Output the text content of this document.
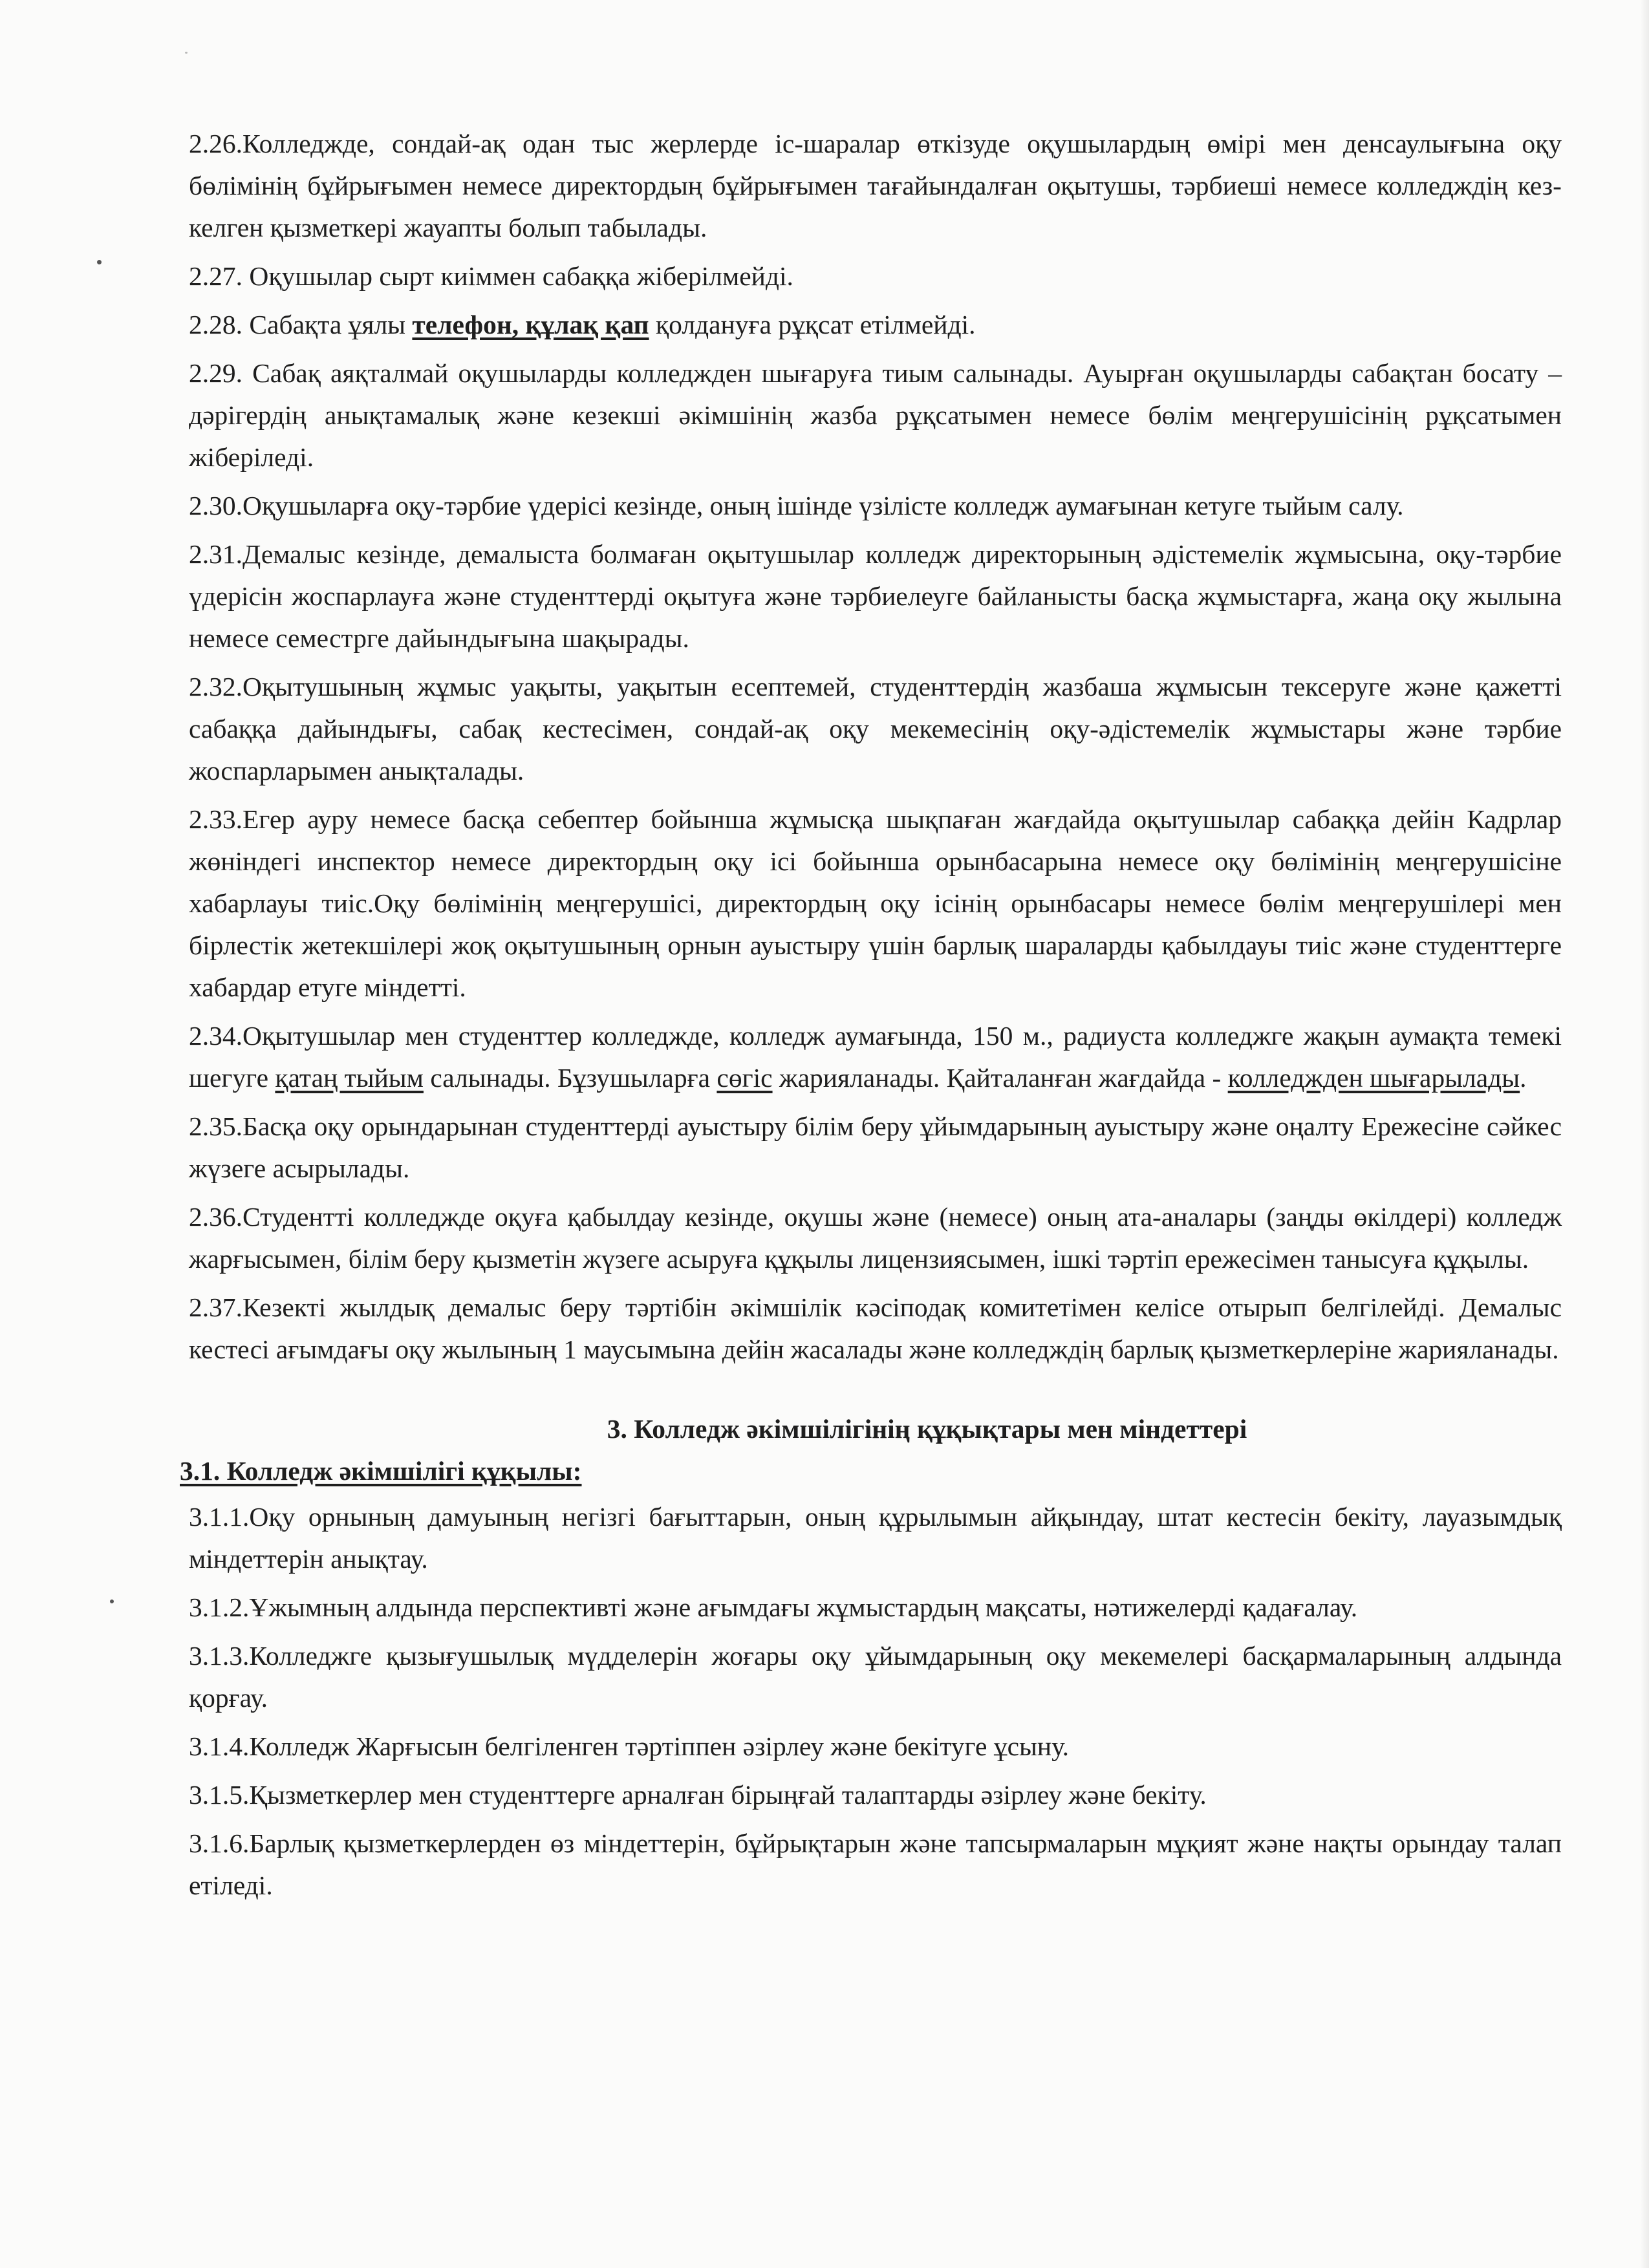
2.26.Колледжде, сондай-ақ одан тыс жерлерде іс-шаралар өткізуде оқушылардың өмірі мен денсаулығына оқу бөлімінің бұйрығымен немесе директордың бұйрығымен тағайындалған оқытушы, тәрбиеші немесе колледждің кез-келген қызметкері жауапты болып табылады.

2.27. Оқушылар сырт киіммен сабаққа жіберілмейді.

2.28. Сабақта ұялы телефон, құлақ қап қолдануға рұқсат етілмейді.

2.29. Сабақ аяқталмай оқушыларды колледжден шығаруға тиым салынады. Ауырған оқушыларды сабақтан босату – дәрігердің анықтамалық және кезекші әкімшінің жазба рұқсатымен немесе бөлім меңгерушісінің рұқсатымен жіберіледі.

2.30.Оқушыларға оқу-тәрбие үдерісі кезінде, оның ішінде үзілісте колледж аумағынан кетуге тыйым салу.

2.31.Демалыс кезінде, демалыста болмаған оқытушылар колледж директорының әдістемелік жұмысына, оқу-тәрбие үдерісін жоспарлауға және студенттерді оқытуға және тәрбиелеуге байланысты басқа жұмыстарға, жаңа оқу жылына немесе семестрге дайындығына шақырады.

2.32.Оқытушының жұмыс уақыты, уақытын есептемей, студенттердің жазбаша жұмысын тексеруге және қажетті сабаққа дайындығы, сабақ кестесімен, сондай-ақ оқу мекемесінің оқу-әдістемелік жұмыстары және тәрбие жоспарларымен анықталады.

2.33.Егер ауру немесе басқа себептер бойынша жұмысқа шықпаған жағдайда оқытушылар сабаққа дейін Кадрлар жөніндегі инспектор немесе директордың оқу ісі бойынша орынбасарына немесе оқу бөлімінің меңгерушісіне хабарлауы тиіс.Оқу бөлімінің меңгерушісі, директордың оқу ісінің орынбасары немесе бөлім меңгерушілері мен бірлестік жетекшілері жоқ оқытушының орнын ауыстыру үшін барлық шараларды қабылдауы тиіс және студенттерге хабардар етуге міндетті.

2.34.Оқытушылар мен студенттер колледжде, колледж аумағында, 150 м., радиуста колледжге жақын аумақта темекі шегуге қатаң тыйым салынады. Бұзушыларға сөгіс жарияланады. Қайталанған жағдайда - колледжден шығарылады.

2.35.Басқа оқу орындарынан студенттерді ауыстыру білім беру ұйымдарының ауыстыру және оңалту Ережесіне сәйкес жүзеге асырылады.

2.36.Студентті колледжде оқуға қабылдау кезінде, оқушы және (немесе) оның ата-аналары (заңды өкілдері) колледж жарғысымен, білім беру қызметін жүзеге асыруға құқылы лицензиясымен, ішкі тәртіп ережесімен танысуға құқылы.

2.37.Кезекті жылдық демалыс беру тәртібін әкімшілік кәсіподақ комитетімен келісе отырып белгілейді. Демалыс кестесі ағымдағы оқу жылының 1 маусымына дейін жасалады және колледждің барлық қызметкерлеріне жарияланады.

3. Колледж әкімшілігінің құқықтары мен міндеттері

3.1. Колледж әкімшілігі құқылы:

3.1.1.Оқу орнының дамуының негізгі бағыттарын, оның құрылымын айқындау, штат кестесін бекіту, лауазымдық міндеттерін анықтау.

3.1.2.Ұжымның алдында перспективті және ағымдағы жұмыстардың мақсаты, нәтижелерді қадағалау.

3.1.3.Колледжге қызығушылық мүдделерін жоғары оқу ұйымдарының оқу мекемелері басқармаларының алдында қорғау.

3.1.4.Колледж Жарғысын белгіленген тәртіппен әзірлеу және бекітуге ұсыну.

3.1.5.Қызметкерлер мен студенттерге арналған бірыңғай талаптарды әзірлеу және бекіту.

3.1.6.Барлық қызметкерлерден өз міндеттерін, бұйрықтарын және тапсырмаларын мұқият және нақты орындау талап етіледі.
